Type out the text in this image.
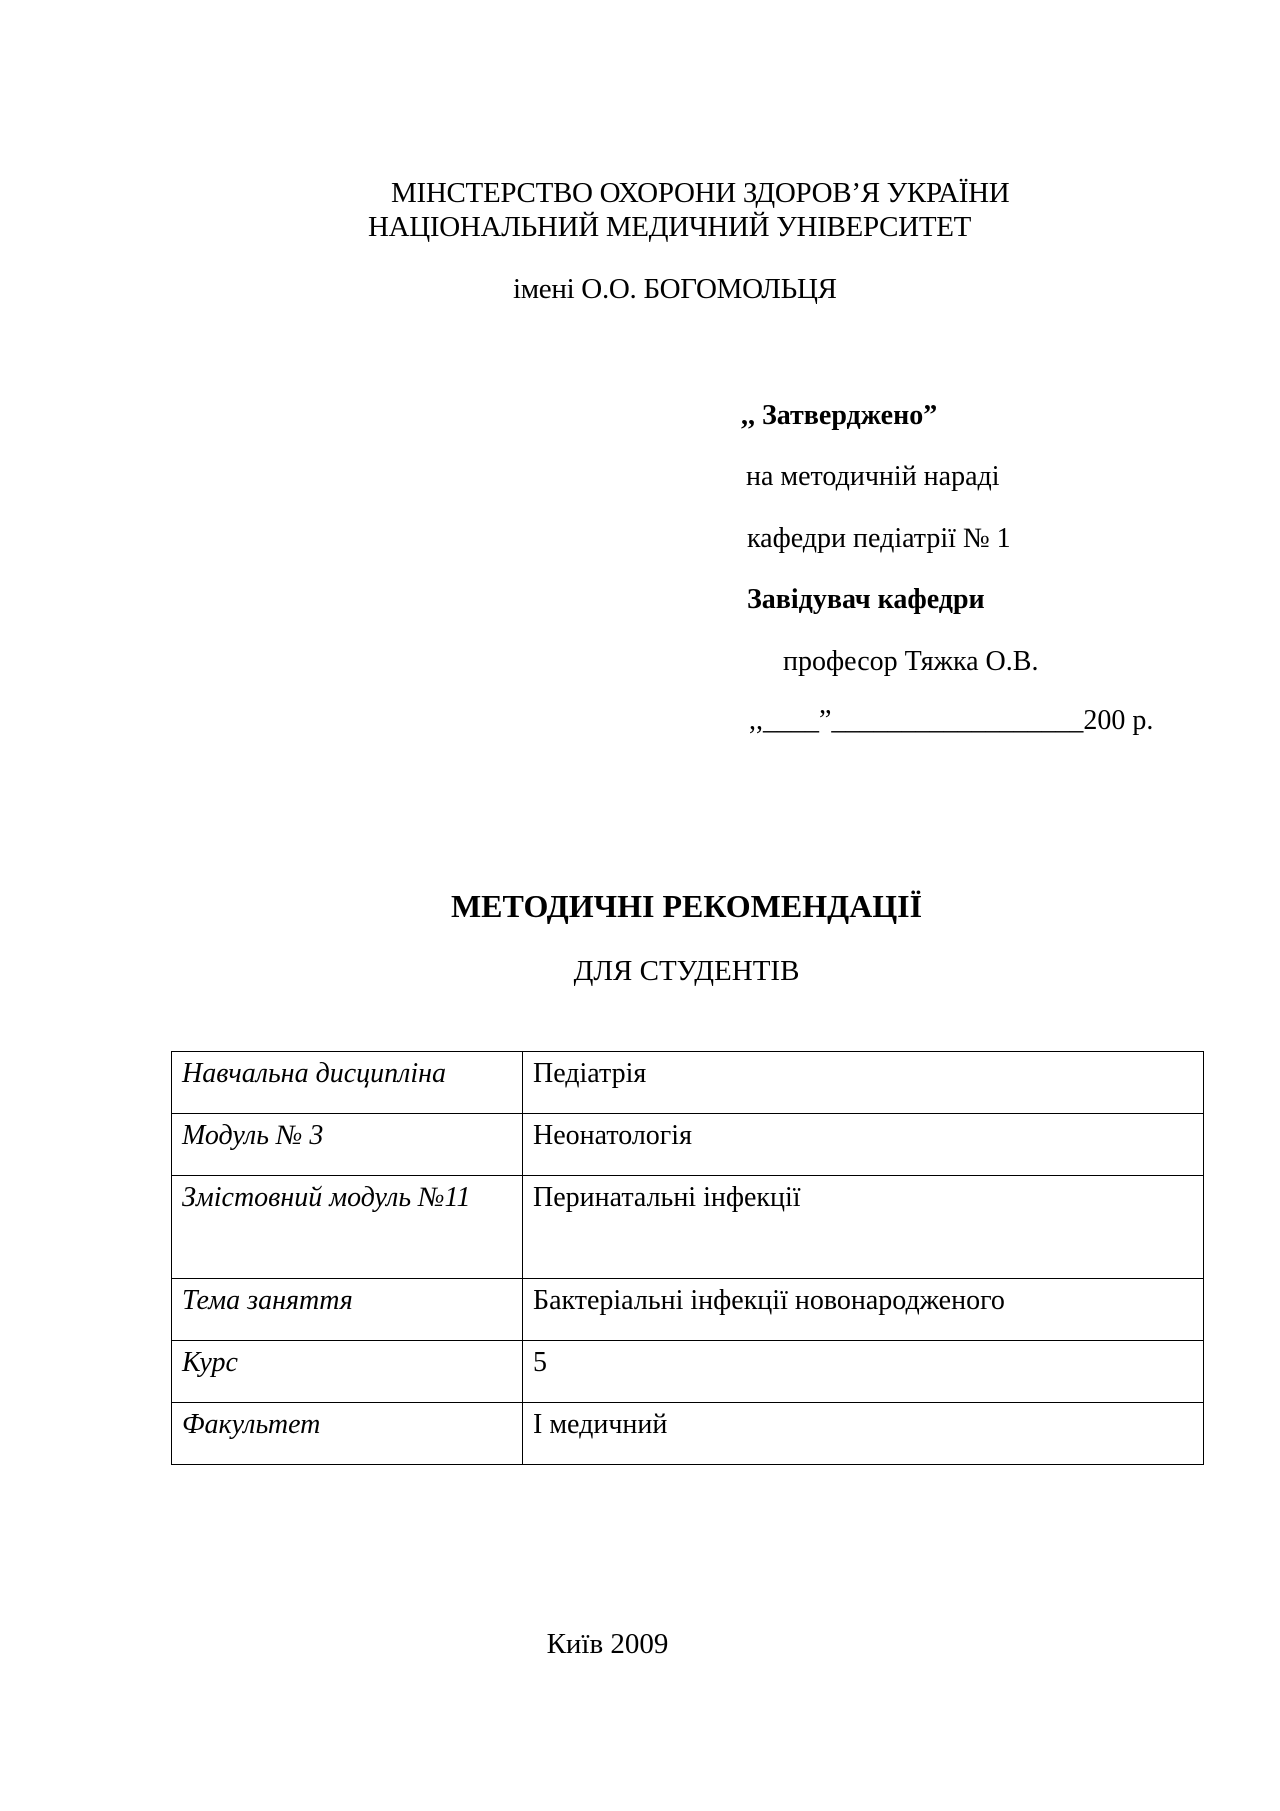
МІНСТЕРСТВО ОХОРОНИ ЗДОРОВ’Я УКРАЇНИ
НАЦІОНАЛЬНИЙ МЕДИЧНИЙ УНІВЕРСИТЕТ
імені О.О. БОГОМОЛЬЦЯ
,, Затверджено”
на методичній нараді
кафедри педіатрії № 1
Завідувач кафедри
професор Тяжка О.В.
,,____”__________________200 р.
МЕТОДИЧНІ РЕКОМЕНДАЦІЇ
ДЛЯ СТУДЕНТІВ
Навчальна дисципліна	Педіатрія
Модуль № 3	Неонатологія
Змістовний модуль №11	Перинатальні інфекції
Тема заняття	Бактеріальні інфекції новонародженого
Курс	5
Факультет	І медичний
Київ 2009
